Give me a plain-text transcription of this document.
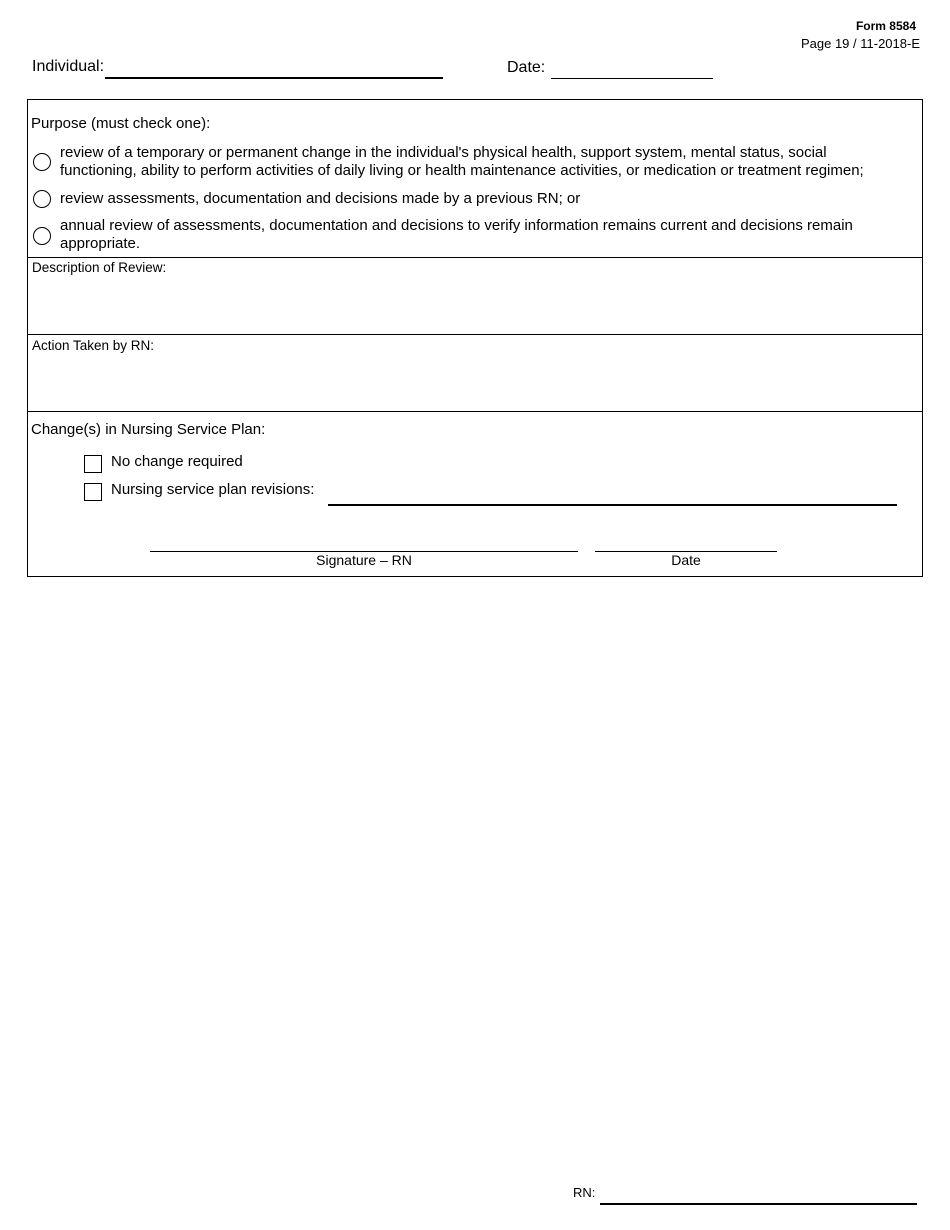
Form 8584
Page 19 / 11-2018-E
Individual:	Date:
Purpose (must check one):
review of a temporary or permanent change in the individual's physical health, support system, mental status, social functioning, ability to perform activities of daily living or health maintenance activities, or medication or treatment regimen;
review assessments, documentation and decisions made by a previous RN; or
annual review of assessments, documentation and decisions to verify information remains current and decisions remain appropriate.
Description of Review:
Action Taken by RN:
Change(s) in Nursing Service Plan:
No change required
Nursing service plan revisions:
Signature – RN	Date
RN:
